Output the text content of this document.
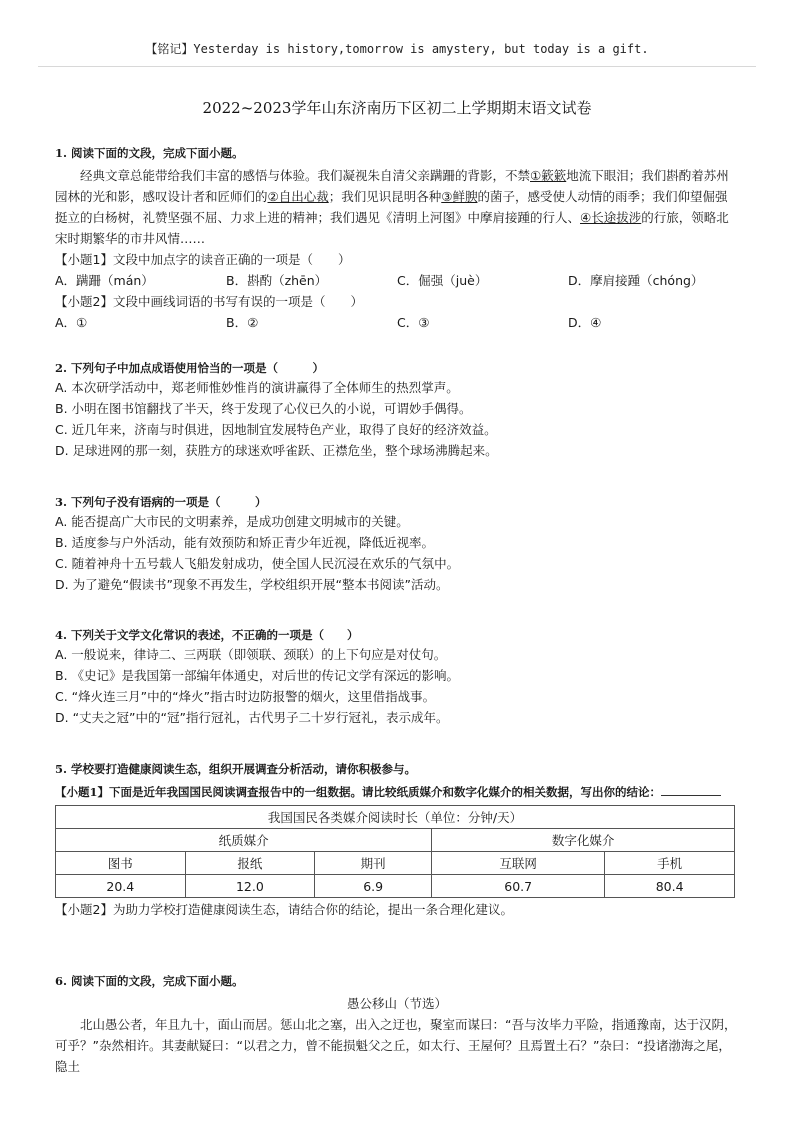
【铭记】Yesterday is history,tomorrow is amystery, but today is a gift.
2022~2023学年山东济南历下区初二上学期期末语文试卷
1. 阅读下面的文段，完成下面小题。

经典文章总能带给我们丰富的感悟与体验。我们凝视朱自清父亲蹒跚的背影，不禁①簌簌地流下眼泪；我们斟酌着苏州园林的光和影，感叹设计者和匠师们的②自出心裁；我们见识昆明各种③鲜腴的菌子，感受使人动情的雨季；我们仰望倔强挺立的白杨树，礼赞坚强不屈、力求上进的精神；我们遇见《清明上河图》中摩肩接踵的行人、④长途拔涉的行旅，领略北宋时期繁华的市井风情……

【小题1】文段中加点字的读音正确的一项是（　　）
A．蹒跚（mán）	B．斟酌（zhēn）	C．倔强（juè）	D．摩肩接踵（chóng）
【小题2】文段中画线词语的书写有误的一项是（　　）
A．①	B．②	C．③	D．④
2. 下列句子中加点成语使用恰当的一项是（　　　）
A. 本次研学活动中，郑老师惟妙惟肖的演讲赢得了全体师生的热烈掌声。
B. 小明在图书馆翻找了半天，终于发现了心仪已久的小说，可谓妙手偶得。
C. 近几年来，济南与时俱进，因地制宜发展特色产业，取得了良好的经济效益。
D. 足球进网的那一刻，获胜方的球迷欢呼雀跃、正襟危坐，整个球场沸腾起来。
3. 下列句子没有语病的一项是（　　　）
A. 能否提高广大市民的文明素养，是成功创建文明城市的关键。
B. 适度参与户外活动，能有效预防和矫正青少年近视，降低近视率。
C. 随着神舟十五号载人飞船发射成功，使全国人民沉浸在欢乐的气氛中。
D. 为了避免“假读书”现象不再发生，学校组织开展“整本书阅读”活动。
4. 下列关于文学文化常识的表述，不正确的一项是（　　）
A. 一般说来，律诗二、三两联（即领联、颈联）的上下句应是对仗句。
B. 《史记》是我国第一部编年体通史，对后世的传记文学有深远的影响。
C. “烽火连三月”中的“烽火”指古时边防报警的烟火，这里借指战事。
D. “丈夫之冠”中的“冠”指行冠礼，古代男子二十岁行冠礼，表示成年。
5. 学校要打造健康阅读生态，组织开展调查分析活动，请你积极参与。
【小题1】下面是近年我国国民阅读调查报告中的一组数据。请比较纸质媒介和数字化媒介的相关数据，写出你的结论：
我国国民各类媒介阅读时长（单位：分钟/天）				
纸质媒介			数字化媒介	
图书	报纸	期刊	互联网	手机
20.4	12.0	6.9	60.7	80.4
【小题2】为助力学校打造健康阅读生态，请结合你的结论，提出一条合理化建议。
6. 阅读下面的文段，完成下面小题。
愚公移山（节选）

北山愚公者，年且九十，面山而居。惩山北之塞，出入之迂也，聚室而谋曰：“吾与汝毕力平险，指通豫南，达于汉阴，可乎？”杂然相许。其妻献疑曰：“以君之力，曾不能损魁父之丘，如太行、王屋何？且焉置土石？”杂曰：“投诸渤海之尾，隐土
